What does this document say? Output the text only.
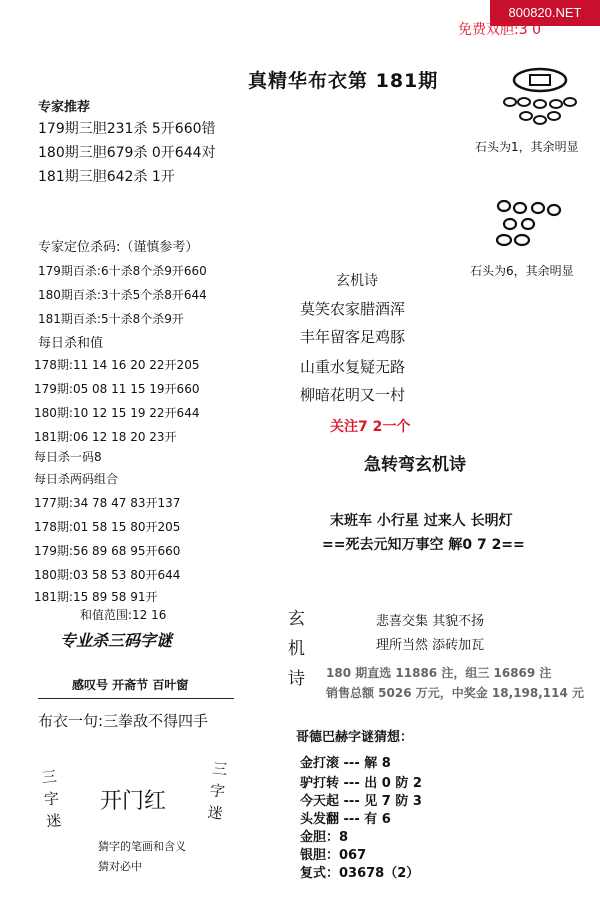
800820.NET
免费双胆:3 0
真精华布衣第 181期
石头为1，其余明显
石头为6，其余明显
专家推荐
179期三胆231杀 5开660错
180期三胆679杀 0开644对
181期三胆642杀 1开
专家定位杀码:（谨慎参考）
179期百杀:6十杀8个杀9开660
180期百杀:3十杀5个杀8开644
181期百杀:5十杀8个杀9开
每日杀和值
178期:11 14 16 20 22开205
179期:05 08 11 15 19开660
180期:10 12 15 19 22开644
181期:06 12 18 20 23开
每日杀一码8
每日杀两码组合
177期:34 78 47 83开137
178期:01 58 15 80开205
179期:56 89 68 95开660
180期:03 58 53 80开644
181期:15 89 58 91开
和值范围:12 16
专业杀三码字谜
感叹号 开斋节 百叶窗
布衣一句:三拳敌不得四手
三
字
迷
三
字
迷
开门红
猜字的笔画和含义
猜对必中
玄机诗
莫笑农家腊酒浑
丰年留客足鸡豚
山重水复疑无路
柳暗花明又一村
关注7 2一个
急转弯玄机诗
末班车 小行星 过来人 长明灯
==死去元知万事空 解0 7 2==
玄
机
诗
悲喜交集 其貌不扬
理所当然 添砖加瓦
180 期直选 11886 注，组三 16869 注
销售总额 5026 万元，中奖金 18,198,114 元
哥德巴赫字谜猜想：
金打滚 --- 解 8
驴打转 --- 出 0 防 2
今天起 --- 见 7 防 3
头发翻 --- 有 6
金胆：8
银胆：067
复式：03678（2）
